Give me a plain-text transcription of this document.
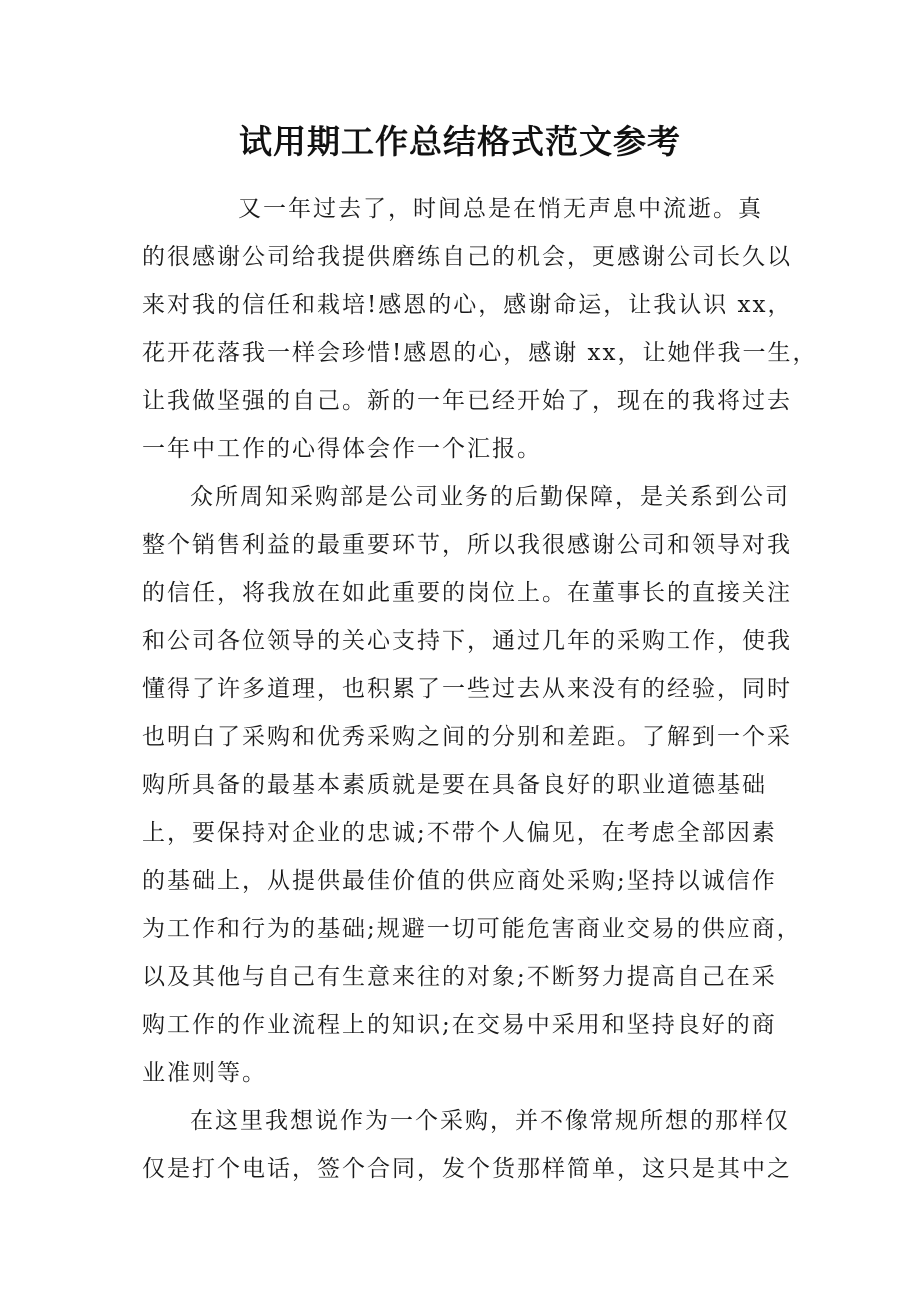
试用期工作总结格式范文参考

又一年过去了，时间总是在悄无声息中流逝。真

的很感谢公司给我提供磨练自己的机会，更感谢公司长久以

来对我的信任和栽培!感恩的心，感谢命运，让我认识 xx，

花开花落我一样会珍惜!感恩的心，感谢 xx，让她伴我一生，

让我做坚强的自己。新的一年已经开始了，现在的我将过去

一年中工作的心得体会作一个汇报。

众所周知采购部是公司业务的后勤保障，是关系到公司

整个销售利益的最重要环节，所以我很感谢公司和领导对我

的信任，将我放在如此重要的岗位上。在董事长的直接关注

和公司各位领导的关心支持下，通过几年的采购工作，使我

懂得了许多道理，也积累了一些过去从来没有的经验，同时

也明白了采购和优秀采购之间的分别和差距。了解到一个采

购所具备的最基本素质就是要在具备良好的职业道德基础

上，要保持对企业的忠诚;不带个人偏见，在考虑全部因素

的基础上，从提供最佳价值的供应商处采购;坚持以诚信作

为工作和行为的基础;规避一切可能危害商业交易的供应商，

以及其他与自己有生意来往的对象;不断努力提高自己在采

购工作的作业流程上的知识;在交易中采用和坚持良好的商

业准则等。

在这里我想说作为一个采购，并不像常规所想的那样仅

仅是打个电话，签个合同，发个货那样简单，这只是其中之
